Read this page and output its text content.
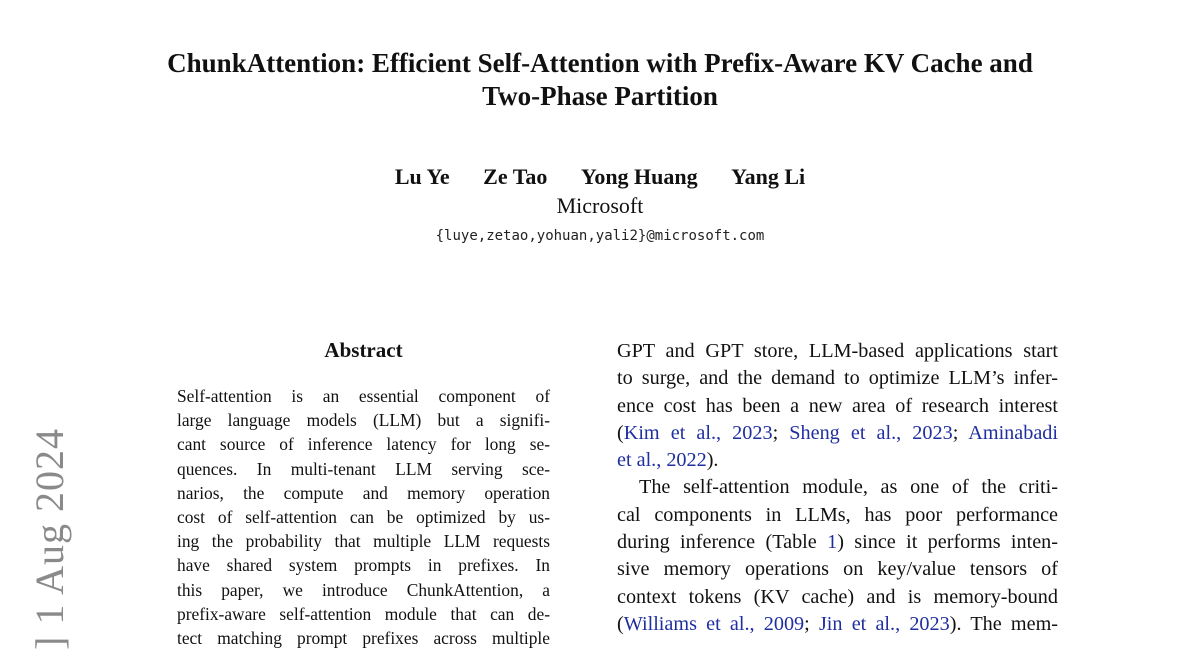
ChunkAttention: Efficient Self-Attention with Prefix-Aware KV Cache and
Two-Phase Partition
Lu Ye Ze Tao Yong Huang Yang Li
Microsoft
{luye,zetao,yohuan,yali2}@microsoft.com
] 1 Aug 2024
Abstract
Self-attention is an essential component of
large language models (LLM) but a signifi-
cant source of inference latency for long se-
quences. In multi-tenant LLM serving sce-
narios, the compute and memory operation
cost of self-attention can be optimized by us-
ing the probability that multiple LLM requests
have shared system prompts in prefixes. In
this paper, we introduce ChunkAttention, a
prefix-aware self-attention module that can de-
tect matching prompt prefixes across multiple
GPT and GPT store, LLM-based applications start
to surge, and the demand to optimize LLM’s infer-
ence cost has been a new area of research interest
(Kim et al., 2023; Sheng et al., 2023; Aminabadi
et al., 2022).
The self-attention module, as one of the criti-
cal components in LLMs, has poor performance
during inference (Table 1) since it performs inten-
sive memory operations on key/value tensors of
context tokens (KV cache) and is memory-bound
(Williams et al., 2009; Jin et al., 2023). The mem-
